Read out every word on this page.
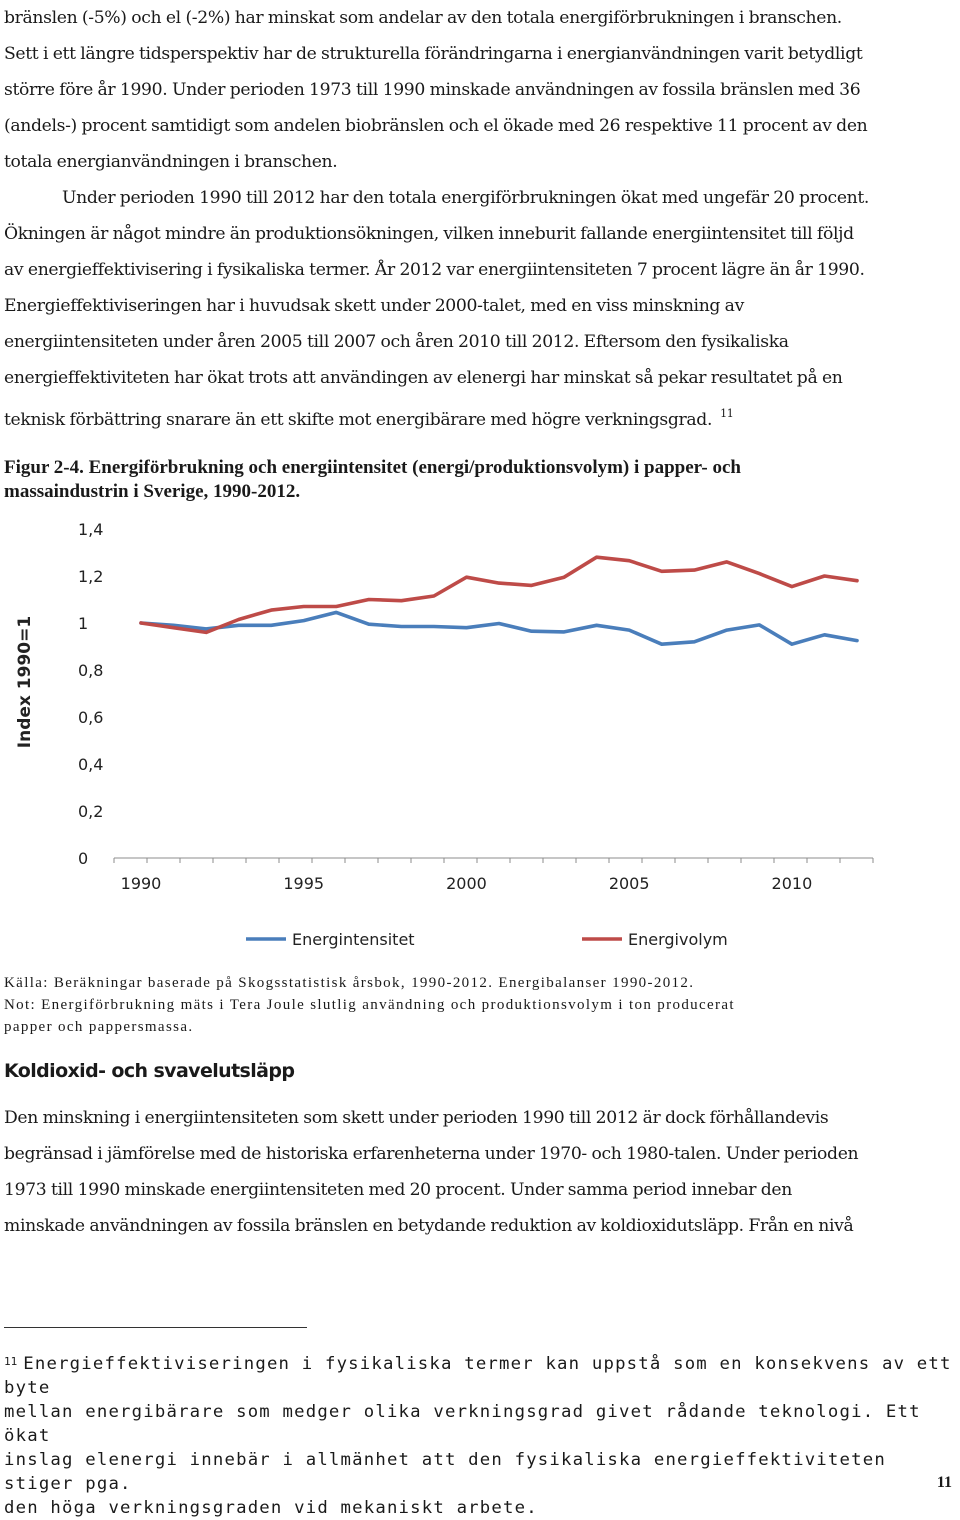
bränslen (-5%) och el (-2%) har minskat som andelar av den totala energiförbrukningen i branschen.

Sett i ett längre tidsperspektiv har de strukturella förändringarna i energianvändningen varit betydligt

större före år 1990. Under perioden 1973 till 1990 minskade användningen av fossila bränslen med 36

(andels-) procent samtidigt som andelen biobränslen och el ökade med 26 respektive 11 procent av den

totala energianvändningen i branschen.

Under perioden 1990 till 2012 har den totala energiförbrukningen ökat med ungefär 20 procent.

Ökningen är något mindre än produktionsökningen, vilken inneburit fallande energiintensitet till följd

av energieffektivisering i fysikaliska termer. År 2012 var energiintensiteten 7 procent lägre än år 1990.

Energieffektiviseringen har i huvudsak skett under 2000-talet, med en viss minskning av

energiintensiteten under åren 2005 till 2007 och åren 2010 till 2012. Eftersom den fysikaliska

energieffektiviteten har ökat trots att användingen av elenergi har minskat så pekar resultatet på en

teknisk förbättring snarare än ett skifte mot energibärare med högre verkningsgrad. $^{11}$

Figur 2-4. Energiförbrukning och energiintensitet (energi/produktionsvolym) i papper- och
massaindustrin i Sverige, 1990-2012.
Index 1990=1
0
0,2
0,4
0,6
0,8
1
1,2
1,4
1990	1995	2000	2005	2010
Energintensitet	Energivolym

Källa: Beräkningar baserade på Skogsstatistisk årsbok, 1990-2012. Energibalanser 1990-2012.

Not: Energiförbrukning mäts i Tera Joule slutlig användning och produktionsvolym i ton producerat

papper och pappersmassa.

Koldioxid- och svavelutsläpp

Den minskning i energiintensiteten som skett under perioden 1990 till 2012 är dock förhållandevis

begränsad i jämförelse med de historiska erfarenheterna under 1970- och 1980-talen. Under perioden

1973 till 1990 minskade energiintensiteten med 20 procent. Under samma period innebar den

minskade användningen av fossila bränslen en betydande reduktion av koldioxidutsläpp. Från en nivå

$^{11}$ Energieffektiviseringen i fysikaliska termer kan uppstå som en konsekvens av ett byte

mellan energibärare som medger olika verkningsgrad givet rådande teknologi. Ett ökat

inslag elenergi innebär i allmänhet att den fysikaliska energieffektiviteten stiger pga.

den höga verkningsgraden vid mekaniskt arbete.

11
